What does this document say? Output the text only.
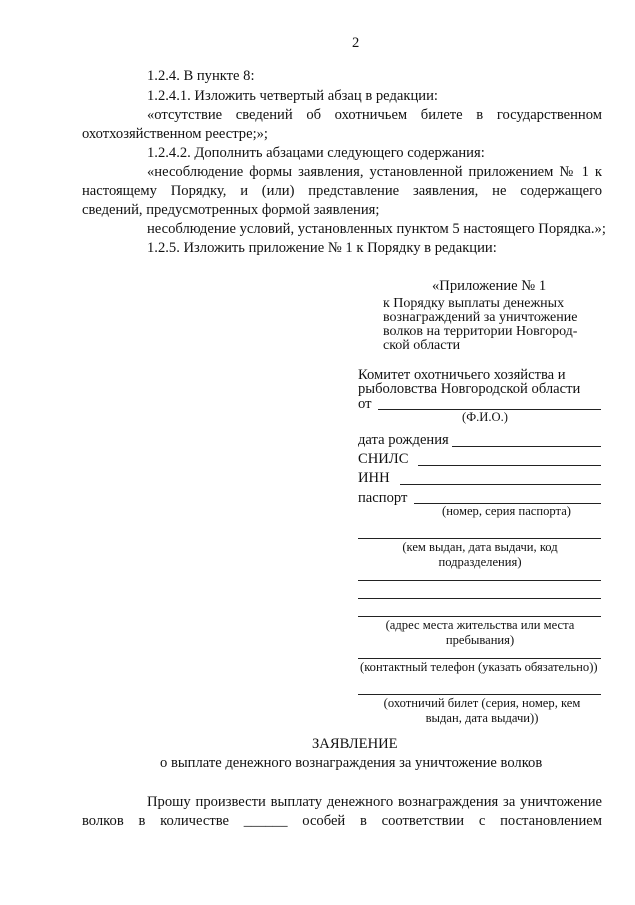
2
1.2.4. В пункте 8:
1.2.4.1. Изложить четвертый абзац в редакции:
«отсутствие сведений об охотничьем билете в государственном
охотхозяйственном реестре;»;
1.2.4.2. Дополнить абзацами следующего содержания:
«несоблюдение формы заявления, установленной приложением № 1 к
настоящему Порядку, и (или) представление заявления, не содержащего
сведений, предусмотренных формой заявления;
несоблюдение условий, установленных пунктом 5 настоящего Порядка.»;
1.2.5. Изложить приложение № 1 к Порядку в редакции:
«Приложение № 1
к Порядку выплаты денежных
вознаграждений за уничтожение
волков на территории Новгород-
ской области
Комитет охотничьего хозяйства и
рыболовства Новгородской области
от
(Ф.И.О.)
дата рождения
СНИЛС
ИНН
паспорт
(номер, серия паспорта)
(кем выдан, дата выдачи, код подразделения)
(адрес места жительства или места пребывания)
(контактный телефон (указать обязательно))
(охотничий билет (серия, номер, кем выдан, дата выдачи))
ЗАЯВЛЕНИЕ
о выплате денежного вознаграждения за уничтожение волков
Прошу произвести выплату денежного вознаграждения за уничтожение
волков в количестве ______ особей в соответствии с постановлением
